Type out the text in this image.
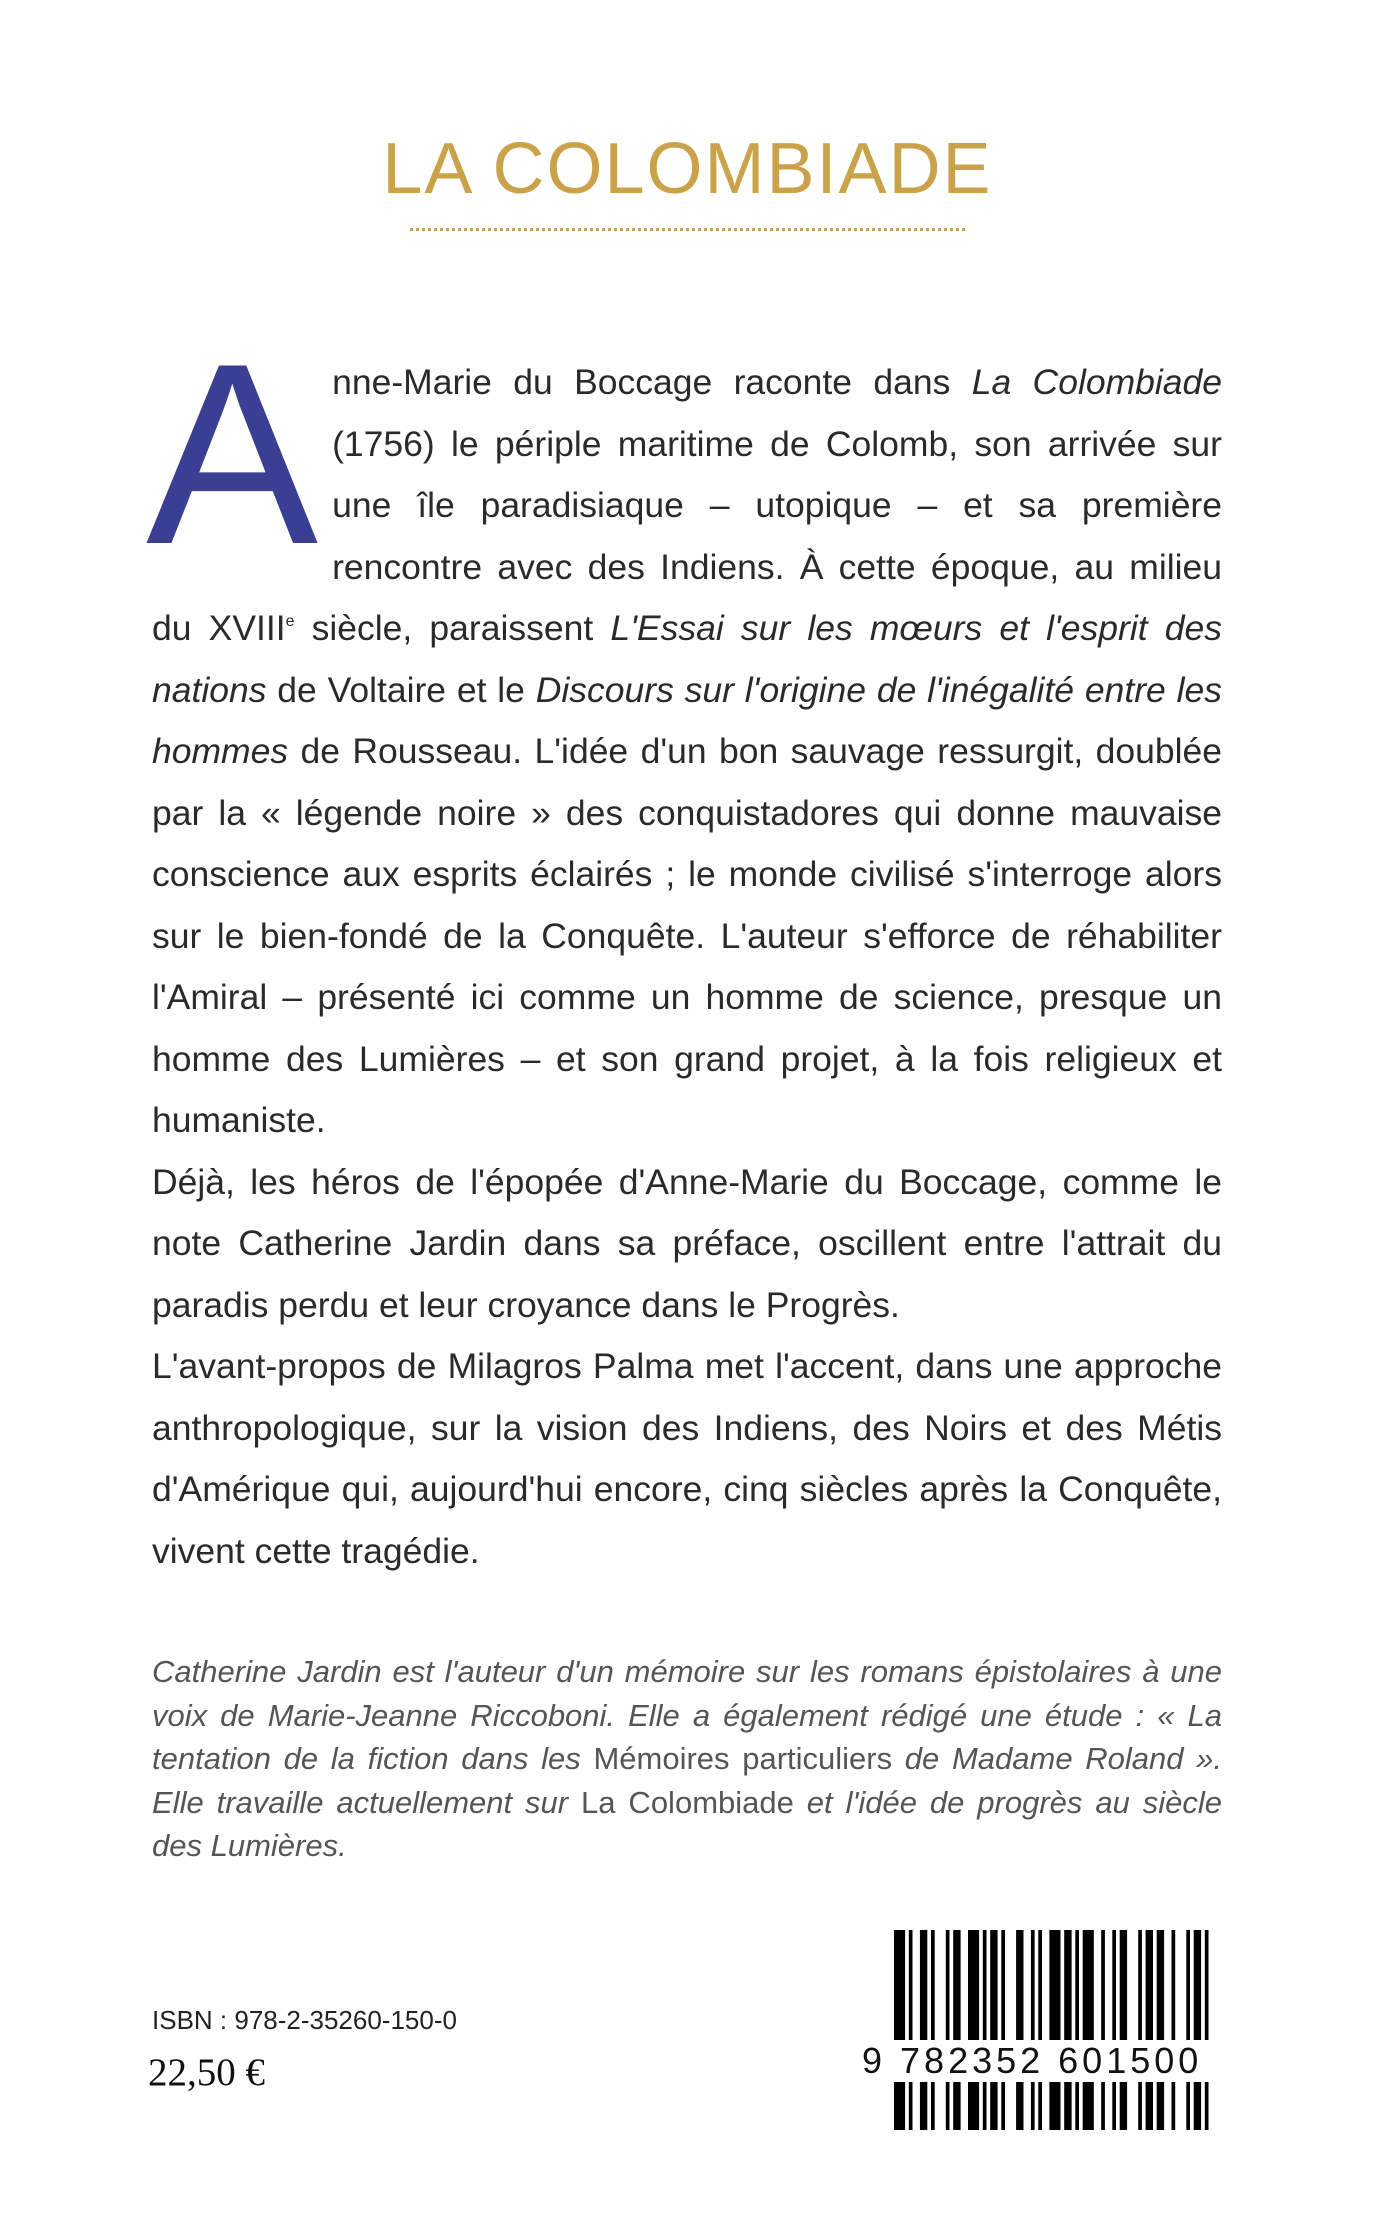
LA COLOMBIADE
A nne-Marie du Boccage raconte dans La Colombiade (1756) le périple maritime de Colomb, son arrivée sur une île paradisiaque – utopique – et sa première rencontre avec des Indiens. À cette époque, au milieu du XVIIIe siècle, paraissent L'Essai sur les mœurs et l'esprit des nations de Voltaire et le Discours sur l'origine de l'inégalité entre les hommes de Rousseau. L'idée d'un bon sauvage ressurgit, doublée par la « légende noire » des conquistadores qui donne mauvaise conscience aux esprits éclairés ; le monde civilisé s'interroge alors sur le bien-fondé de la Conquête. L'auteur s'efforce de réhabiliter l'Amiral – présenté ici comme un homme de science, presque un homme des Lumières – et son grand projet, à la fois religieux et humaniste.

Déjà, les héros de l'épopée d'Anne-Marie du Boccage, comme le note Catherine Jardin dans sa préface, oscillent entre l'attrait du paradis perdu et leur croyance dans le Progrès.

L'avant-propos de Milagros Palma met l'accent, dans une approche anthropologique, sur la vision des Indiens, des Noirs et des Métis d'Amérique qui, aujourd'hui encore, cinq siècles après la Conquête, vivent cette tragédie.

Catherine Jardin est l'auteur d'un mémoire sur les romans épistolaires à une voix de Marie-Jeanne Riccoboni. Elle a également rédigé une étude : « La tentation de la fiction dans les Mémoires particuliers de Madame Roland ». Elle travaille actuellement sur La Colombiade et l'idée de progrès au siècle des Lumières.
ISBN : 978-2-35260-150-0
22,50 €	9 782352 601500
